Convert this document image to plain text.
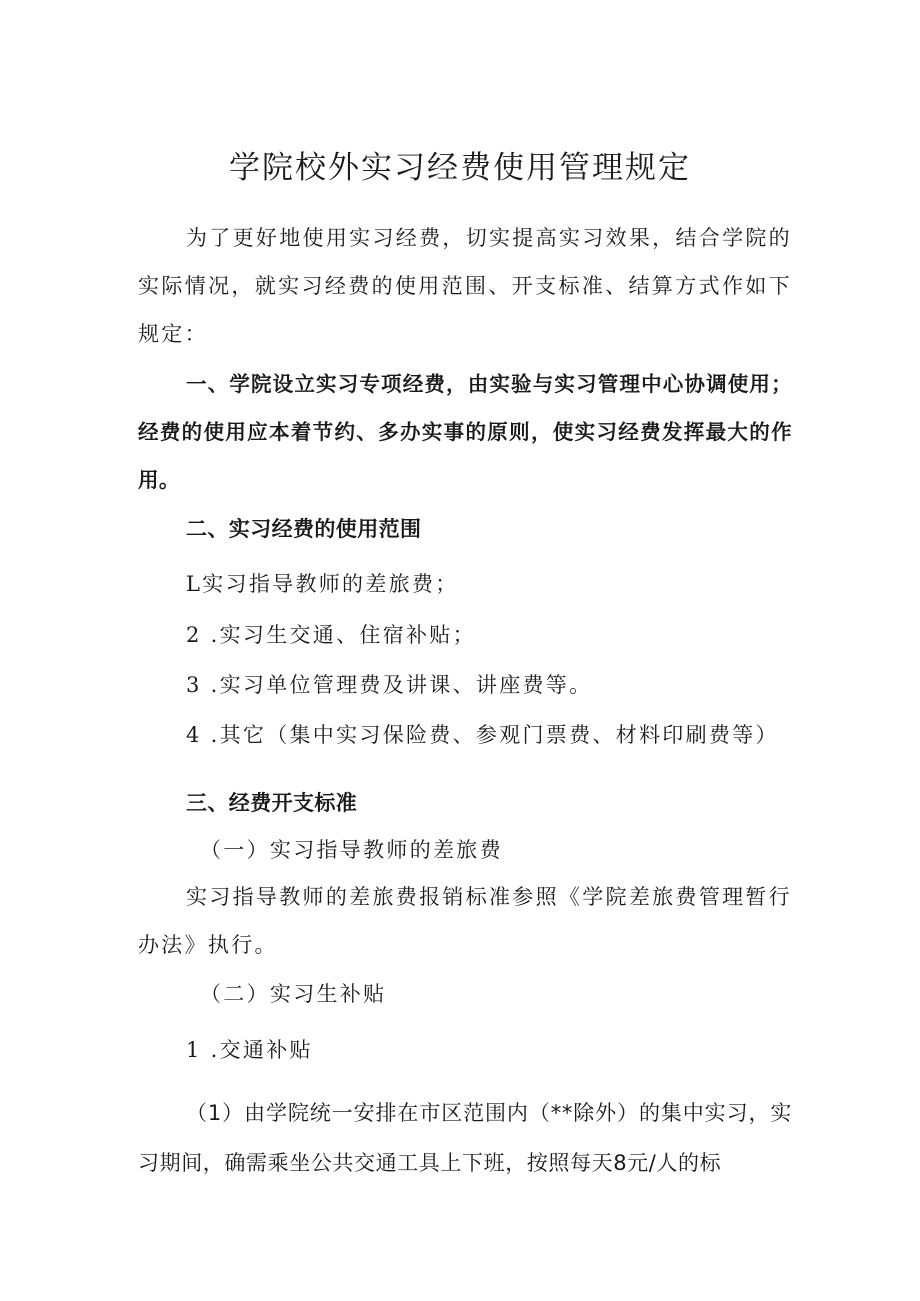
学院校外实习经费使用管理规定

为了更好地使用实习经费，切实提高实习效果，结合学院的实际情况，就实习经费的使用范围、开支标准、结算方式作如下规定：

一、学院设立实习专项经费，由实验与实习管理中心协调使用；经费的使用应本着节约、多办实事的原则，使实习经费发挥最大的作用。

二、实习经费的使用范围

L实习指导教师的差旅费；

2 .实习生交通、住宿补贴；

3 .实习单位管理费及讲课、讲座费等。

4 .其它（集中实习保险费、参观门票费、材料印刷费等）

三、经费开支标准

（一）实习指导教师的差旅费

实习指导教师的差旅费报销标准参照《学院差旅费管理暂行办法》执行。

（二）实习生补贴

1 .交通补贴

（1）由学院统一安排在市区范围内（**除外）的集中实习，实习期间，确需乘坐公共交通工具上下班，按照每天8元/人的标
